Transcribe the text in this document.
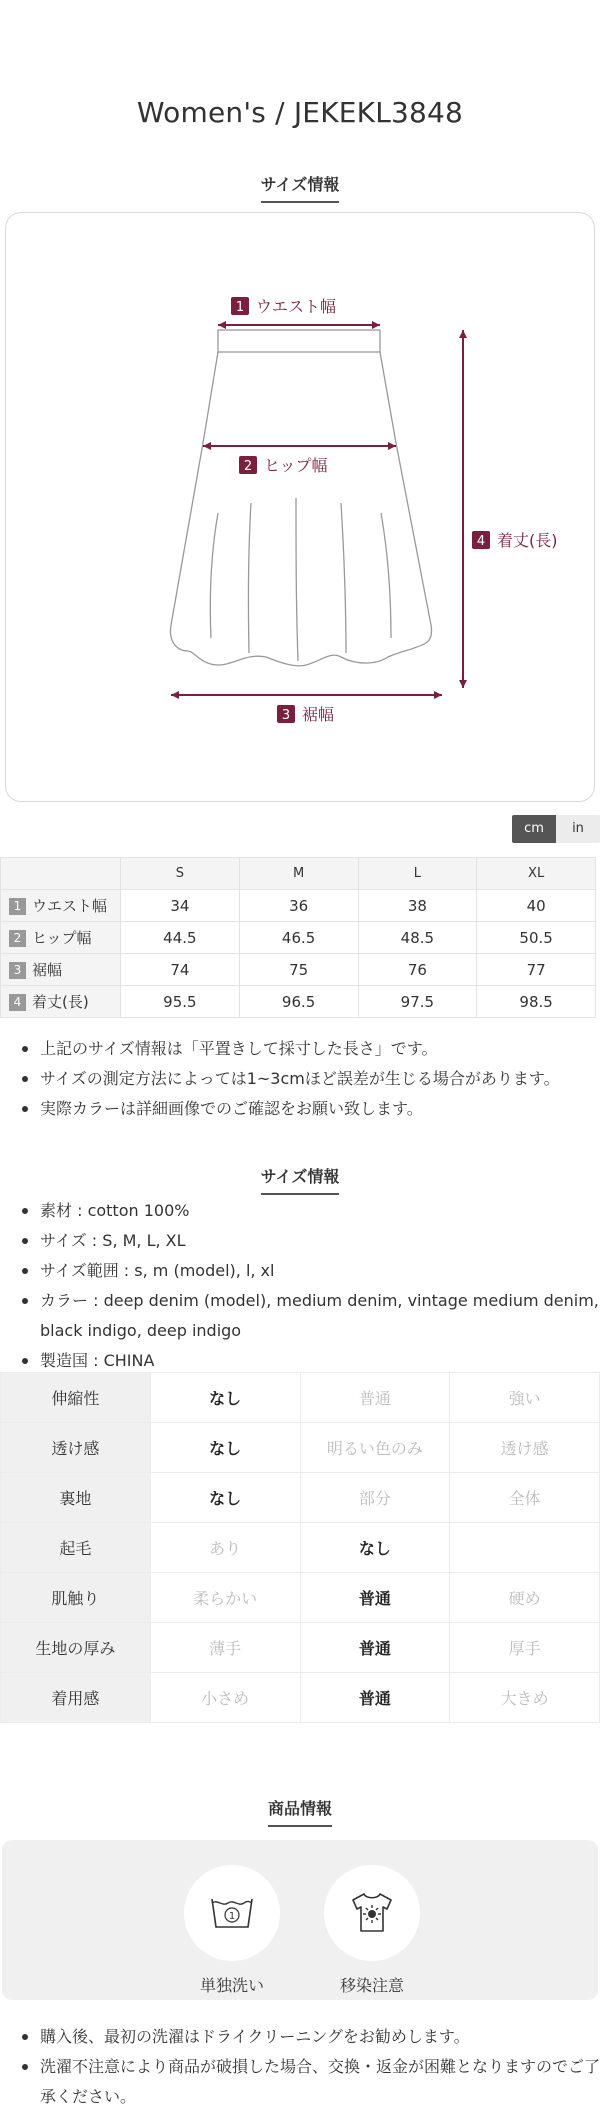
Women's / JEKEKL3848
サイズ情報
1 ウエスト幅
2 ヒップ幅
3 裾幅
4 着丈(長)
cm	in
	S	M	L	XL
1 ウエスト幅	34	36	38	40
2 ヒップ幅	44.5	46.5	48.5	50.5
3 裾幅	74	75	76	77
4 着丈(長)	95.5	96.5	97.5	98.5
上記のサイズ情報は「平置きして採寸した長さ」です。
サイズの測定方法によっては1~3cmほど誤差が生じる場合があります。
実際カラーは詳細画像でのご確認をお願い致します。
サイズ情報
素材 : cotton 100%
サイズ : S, M, L, XL
サイズ範囲 : s, m (model), l, xl
カラー : deep denim (model), medium denim, vintage medium denim, black indigo, deep indigo
製造国 : CHINA
伸縮性	なし	普通	強い
透け感	なし	明るい色のみ	透け感
裏地	なし	部分	全体
起毛	あり	なし	
肌触り	柔らかい	普通	硬め
生地の厚み	薄手	普通	厚手
着用感	小さめ	普通	大きめ
商品情報
1
単独洗い	移染注意
購入後、最初の洗濯はドライクリーニングをお勧めします。
洗濯不注意により商品が破損した場合、交換・返金が困難となりますのでご了承ください。
